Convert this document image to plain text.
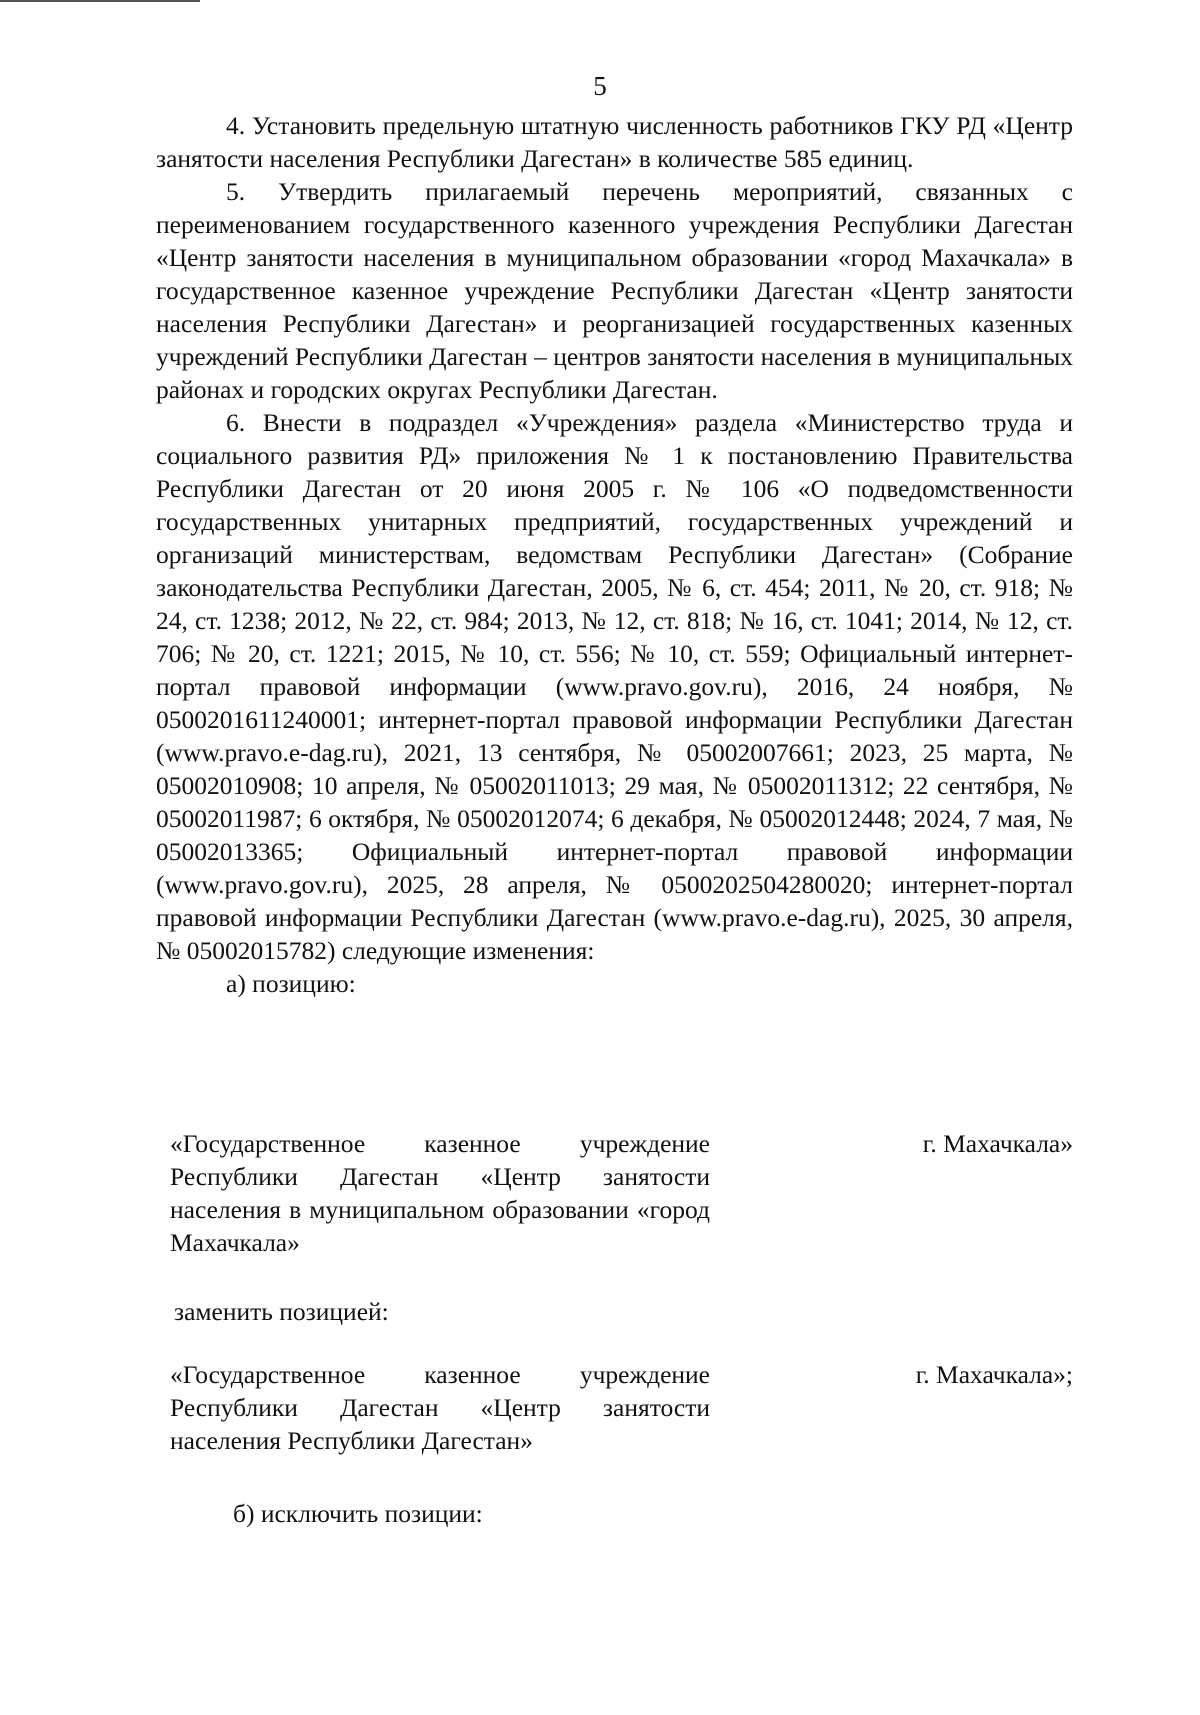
5

4. Установить предельную штатную численность работников ГКУ РД «Центр занятости населения Республики Дагестан» в количестве 585 единиц.

5. Утвердить прилагаемый перечень мероприятий, связанных с переименованием государственного казенного учреждения Республики Дагестан «Центр занятости населения в муниципальном образовании «город Махачкала» в государственное казенное учреждение Республики Дагестан «Центр занятости населения Республики Дагестан» и реорганизацией государственных казенных учреждений Республики Дагестан – центров занятости населения в муниципальных районах и городских округах Республики Дагестан.

6. Внести в подраздел «Учреждения» раздела «Министерство труда и социального развития РД» приложения № 1 к постановлению Правительства Республики Дагестан от 20 июня 2005 г. № 106 «О подведомственности государственных унитарных предприятий, государственных учреждений и организаций министерствам, ведомствам Республики Дагестан» (Собрание законодательства Республики Дагестан, 2005, № 6, ст. 454; 2011, № 20, ст. 918; № 24, ст. 1238; 2012, № 22, ст. 984; 2013, № 12, ст. 818; № 16, ст. 1041; 2014, № 12, ст. 706; № 20, ст. 1221; 2015, № 10, ст. 556; № 10, ст. 559; Официальный интернет-портал правовой информации (www.pravo.gov.ru), 2016, 24 ноября, № 0500201611240001; интернет-портал правовой информации Республики Дагестан (www.pravo.e-dag.ru), 2021, 13 сентября, № 05002007661; 2023, 25 марта, № 05002010908; 10 апреля, № 05002011013; 29 мая, № 05002011312; 22 сентября, № 05002011987; 6 октября, № 05002012074; 6 декабря, № 05002012448; 2024, 7 мая, № 05002013365; Официальный интернет-портал правовой информации (www.pravo.gov.ru), 2025, 28 апреля, № 0500202504280020; интернет-портал правовой информации Республики Дагестан (www.pravo.e-dag.ru), 2025, 30 апреля, № 05002015782) следующие изменения:

а) позицию:

«Государственное казенное учреждение Республики Дагестан «Центр занятости населения в муниципальном образовании «город Махачкала»
г. Махачкала»
заменить позицией:
«Государственное казенное учреждение Республики Дагестан «Центр занятости населения Республики Дагестан»
г. Махачкала»;
б) исключить позиции:
